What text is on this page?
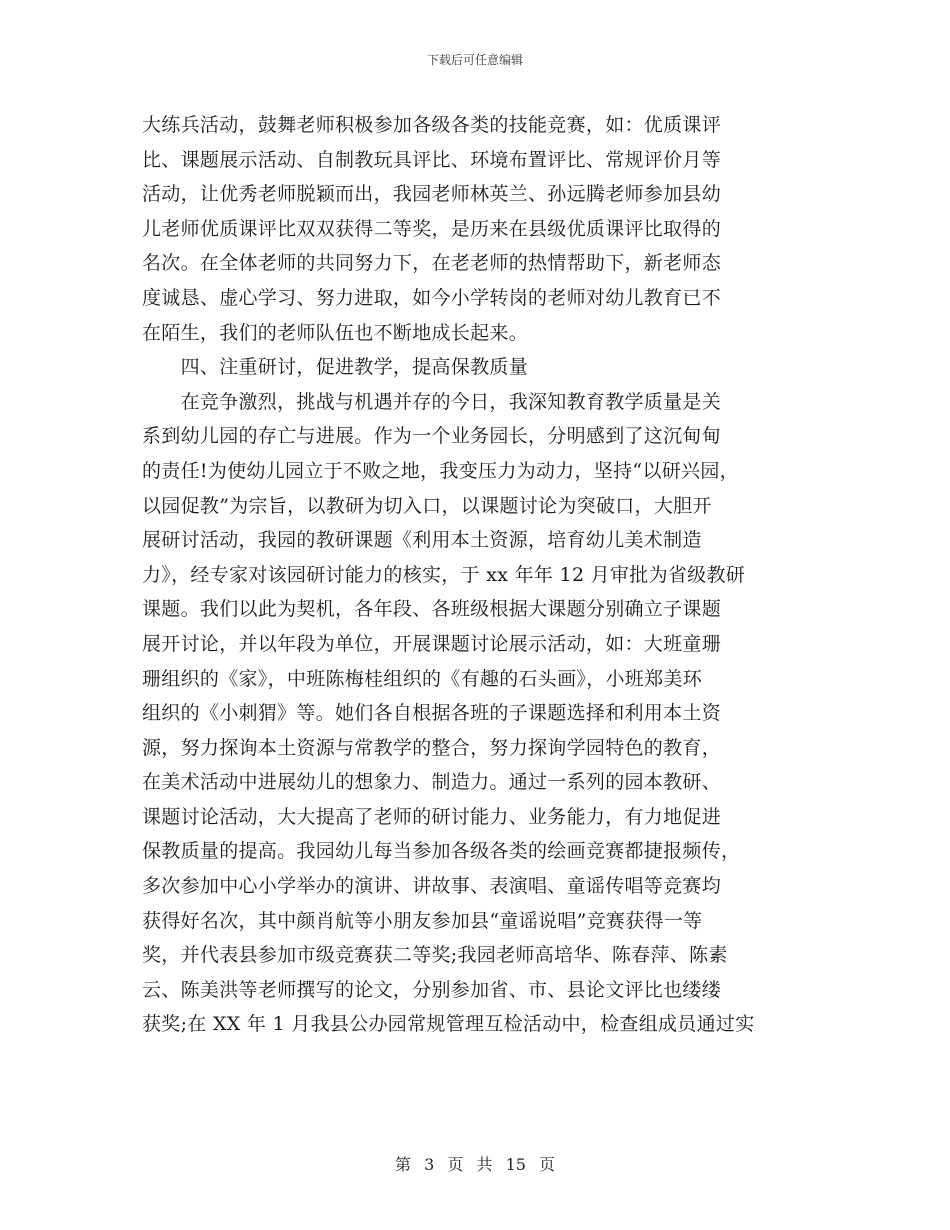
下载后可任意编辑
大练兵活动，鼓舞老师积极参加各级各类的技能竞赛，如：优质课评
比、课题展示活动、自制教玩具评比、环境布置评比、常规评价月等
活动，让优秀老师脱颖而出，我园老师林英兰、孙远腾老师参加县幼
儿老师优质课评比双双获得二等奖，是历来在县级优质课评比取得的
名次。在全体老师的共同努力下，在老老师的热情帮助下，新老师态
度诚恳、虚心学习、努力进取，如今小学转岗的老师对幼儿教育已不
在陌生，我们的老师队伍也不断地成长起来。
　　四、注重研讨，促进教学，提高保教质量
　　在竞争激烈，挑战与机遇并存的今日，我深知教育教学质量是关
系到幼儿园的存亡与进展。作为一个业务园长，分明感到了这沉甸甸
的责任!为使幼儿园立于不败之地，我变压力为动力，坚持“以研兴园，
以园促教”为宗旨，以教研为切入口，以课题讨论为突破口，大胆开
展研讨活动，我园的教研课题《利用本土资源，培育幼儿美术制造
力》，经专家对该园研讨能力的核实，于 xx 年年 12 月审批为省级教研
课题。我们以此为契机，各年段、各班级根据大课题分别确立子课题
展开讨论，并以年段为单位，开展课题讨论展示活动，如：大班童珊
珊组织的《家》，中班陈梅桂组织的《有趣的石头画》，小班郑美环
组织的《小刺猬》等。她们各自根据各班的子课题选择和利用本土资
源，努力探询本土资源与常教学的整合，努力探询学园特色的教育，
在美术活动中进展幼儿的想象力、制造力。通过一系列的园本教研、
课题讨论活动，大大提高了老师的研讨能力、业务能力，有力地促进
保教质量的提高。我园幼儿每当参加各级各类的绘画竞赛都捷报频传，
多次参加中心小学举办的演讲、讲故事、表演唱、童谣传唱等竞赛均
获得好名次，其中颜肖航等小朋友参加县“童谣说唱”竞赛获得一等
奖，并代表县参加市级竞赛获二等奖;我园老师高培华、陈春萍、陈素
云、陈美洪等老师撰写的论文，分别参加省、市、县论文评比也缕缕
获奖;在 XX 年 1 月我县公办园常规管理互检活动中，检查组成员通过实
第 3 页 共 15 页
